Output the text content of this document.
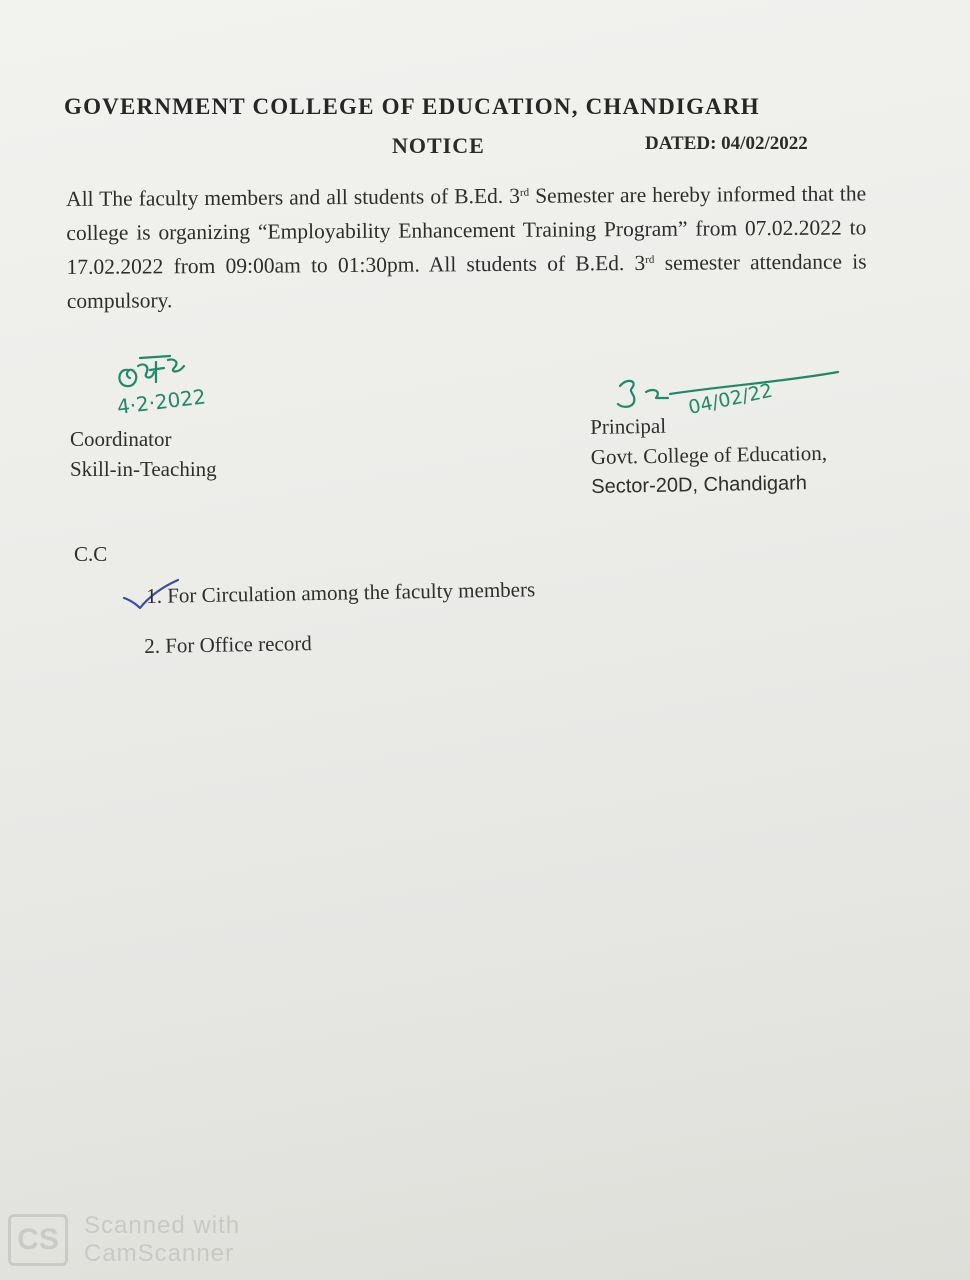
GOVERNMENT COLLEGE OF EDUCATION, CHANDIGARH
NOTICE	DATED: 04/02/2022
All The faculty members and all students of B.Ed. 3rd Semester are hereby informed that the college is organizing “Employability Enhancement Training Program” from 07.02.2022 to 17.02.2022 from 09:00am to 01:30pm. All students of B.Ed. 3rd semester attendance is compulsory.
4·2·2022
Coordinator
Skill-in-Teaching
04/02/22
Principal
Govt. College of Education,
Sector-20D, Chandigarh
C.C
1. For Circulation among the faculty members
2. For Office record
CS	Scanned with
CamScanner
